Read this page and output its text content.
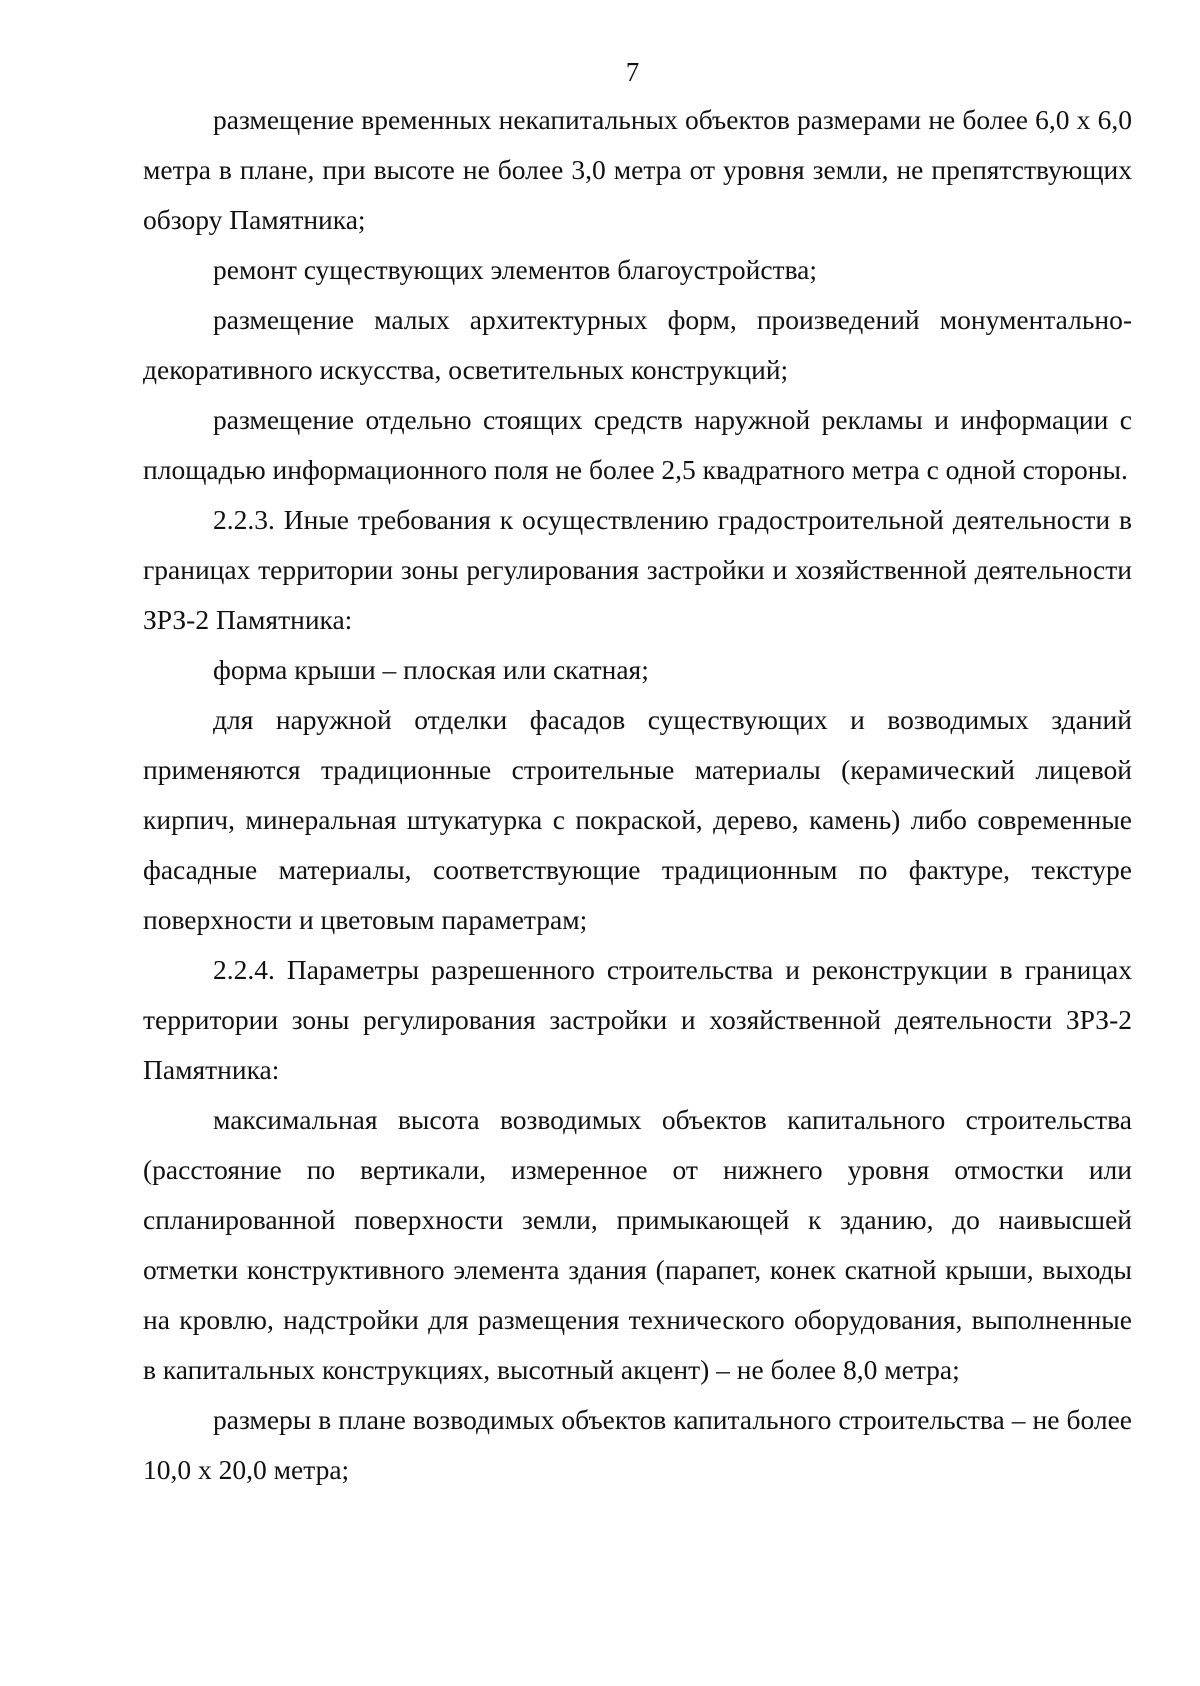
7

размещение временных некапитальных объектов размерами не более 6,0 x 6,0 метра в плане, при высоте не более 3,0 метра от уровня земли, не препятствующих обзору Памятника;

ремонт существующих элементов благоустройства;

размещение малых архитектурных форм, произведений монументально-декоративного искусства, осветительных конструкций;

размещение отдельно стоящих средств наружной рекламы и информации с площадью информационного поля не более 2,5 квадратного метра с одной стороны.

2.2.3. Иные требования к осуществлению градостроительной деятельности в границах территории зоны регулирования застройки и хозяйственной деятельности ЗРЗ-2 Памятника:

форма крыши – плоская или скатная;

для наружной отделки фасадов существующих и возводимых зданий применяются традиционные строительные материалы (керамический лицевой кирпич, минеральная штукатурка с покраской, дерево, камень) либо современные фасадные материалы, соответствующие традиционным по фактуре, текстуре поверхности и цветовым параметрам;

2.2.4. Параметры разрешенного строительства и реконструкции в границах территории зоны регулирования застройки и хозяйственной деятельности ЗРЗ-2 Памятника:

максимальная высота возводимых объектов капитального строительства (расстояние по вертикали, измеренное от нижнего уровня отмостки или спланированной поверхности земли, примыкающей к зданию, до наивысшей отметки конструктивного элемента здания (парапет, конек скатной крыши, выходы на кровлю, надстройки для размещения технического оборудования, выполненные в капитальных конструкциях, высотный акцент) – не более 8,0 метра;

размеры в плане возводимых объектов капитального строительства – не более 10,0 x 20,0 метра;
